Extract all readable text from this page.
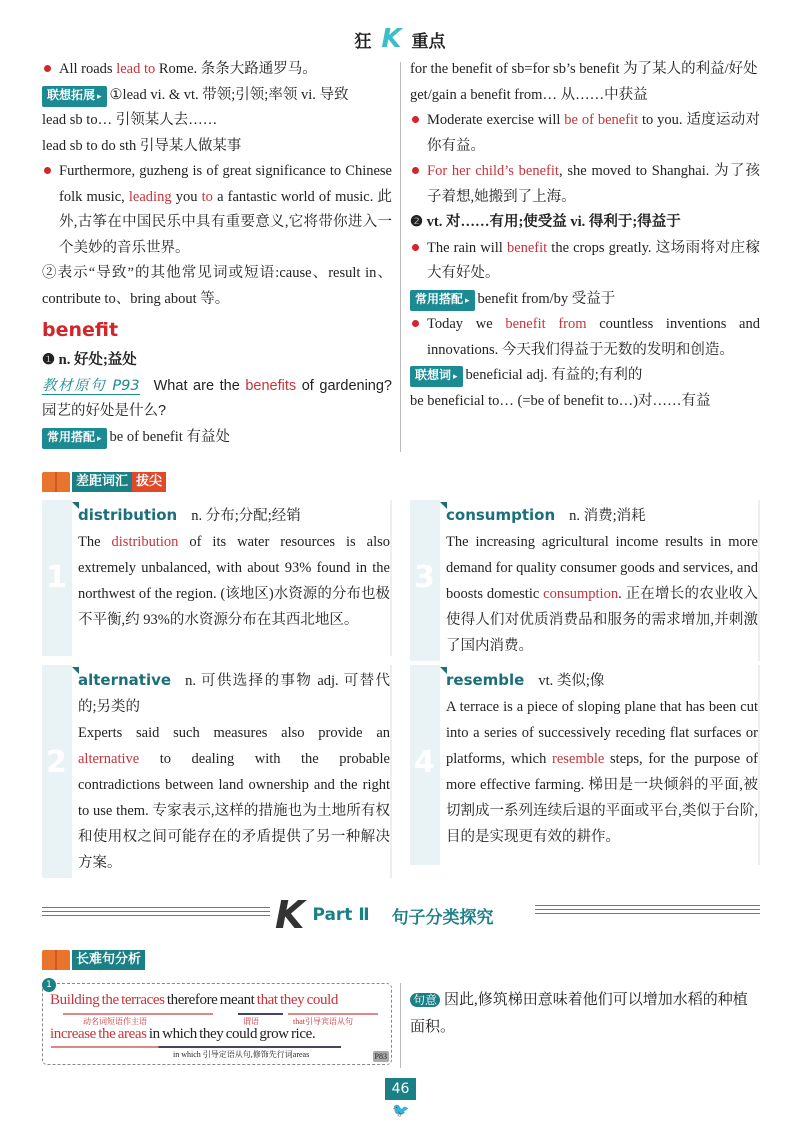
狂 K 重点

All roads lead to Rome. 条条大路通罗马。

联想拓展 ▸ ①lead vi. & vt. 带领;引领;率领 vi. 导致

lead sb to… 引领某人去……

lead sb to do sth 引导某人做某事

Furthermore, guzheng is of great significance to Chinese folk music, leading you to a fantastic world of music. 此外,古筝在中国民乐中具有重要意义,它将带你进入一个美妙的音乐世界。

②表示“导致”的其他常见词或短语:cause、result in、contribute to、bring about 等。

benefit

❶ n. 好处;益处

教材原句 P93 What are the benefits of gardening? 园艺的好处是什么?

常用搭配 ▸ be of benefit 有益处

for the benefit of sb=for sb’s benefit 为了某人的利益/好处

get/gain a benefit from… 从……中获益

Moderate exercise will be of benefit to you. 适度运动对你有益。

For her child’s benefit, she moved to Shanghai. 为了孩子着想,她搬到了上海。

❷ vt. 对……有用;使受益 vi. 得利于;得益于

The rain will benefit the crops greatly. 这场雨将对庄稼大有好处。

常用搭配 ▸ benefit from/by 受益于

Today we benefit from countless inventions and innovations. 今天我们得益于无数的发明和创造。

联想词 ▸ beneficial adj. 有益的;有利的

be beneficial to… (=be of benefit to…)对……有益

差距词汇 拔尖
1

distribution n. 分布;分配;经销

The distribution of its water resources is also extremely unbalanced, with about 93% found in the northwest of the region. (该地区)水资源的分布也极不平衡,约 93%的水资源分布在其西北地区。

2

alternative n. 可供选择的事物 adj. 可替代的;另类的

Experts said such measures also provide an alternative to dealing with the probable contradictions between land ownership and the right to use them. 专家表示,这样的措施也为土地所有权和使用权之间可能存在的矛盾提供了另一种解决方案。

3

consumption n. 消费;消耗

The increasing agricultural income results in more demand for quality consumer goods and services, and boosts domestic consumption. 正在增长的农业收入使得人们对优质消费品和服务的需求增加,并刺激了国内消费。

4

resemble vt. 类似;像

A terrace is a piece of sloping plane that has been cut into a series of successively receding flat surfaces or platforms, which resemble steps, for the purpose of more effective farming. 梯田是一块倾斜的平面,被切割成一系列连续后退的平面或平台,类似于台阶,目的是实现更有效的耕作。

K Part Ⅱ 句子分类探究
长难句分析
1
Building the terraces therefore meant that they could
动名词短语作主语	谓语	that引导宾语从句
increase the areas in which they could grow rice.
in which 引导定语从句,修饰先行词areas	P83
句意 因此,修筑梯田意味着他们可以增加水稻的种植面积。
46
🐦
